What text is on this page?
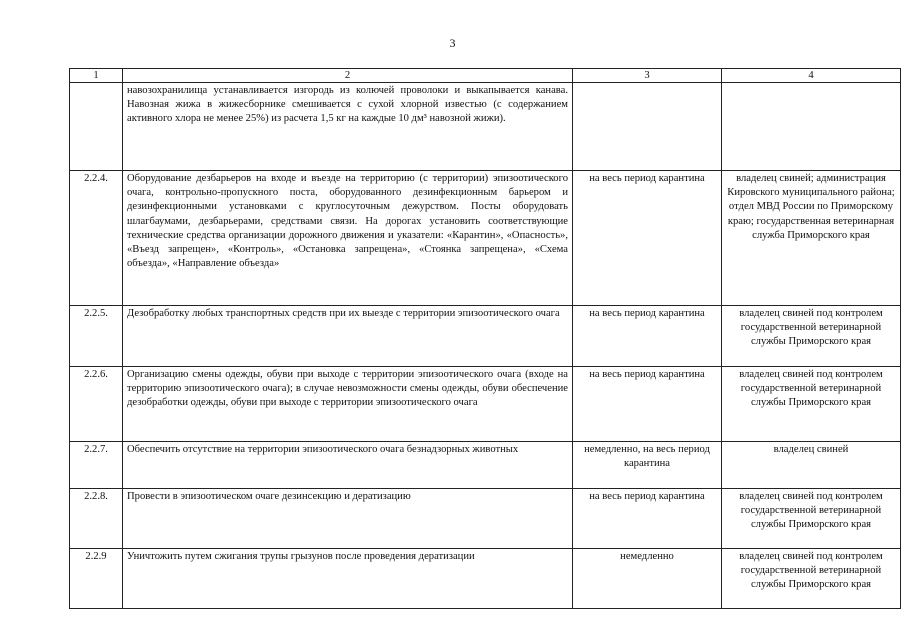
3
1	2	3	4

	навозохранилища устанавливается изгородь из колючей проволоки и выкапывается канава. Навозная жижа в жижесборнике смешивается с сухой хлорной известью (с содержанием активного хлора не менее 25%) из расчета 1,5 кг на каждые 10 дм³ навозной жижи).		

2.2.4.	Оборудование дезбарьеров на входе и въезде на территорию (с территории) эпизоотического очага, контрольно-пропускного поста, оборудованного дезинфекционным барьером и дезинфекционными установками с круглосуточным дежурством. Посты оборудовать шлагбаумами, дезбарьерами, средствами связи. На дорогах установить соответствующие технические средства организации дорожного движения и указатели: «Карантин», «Опасность», «Въезд запрещен», «Контроль», «Остановка запрещена», «Стоянка запрещена», «Схема объезда», «Направление объезда»	на весь период карантина	владелец свиней; администрация Кировского муниципального района; отдел МВД России по Приморскому краю; государственная ветеринарная служба Приморского края
2.2.5.	Дезобработку любых транспортных средств при их выезде с территории эпизоотического очага	на весь период карантина	владелец свиней под контролем государственной ветеринарной службы Приморского края
2.2.6.	Организацию смены одежды, обуви при выходе с территории эпизоотического очага (входе на территорию эпизоотического очага); в случае невозможности смены одежды, обуви обеспечение дезобработки одежды, обуви при выходе с территории эпизоотического очага	на весь период карантина	владелец свиней под контролем государственной ветеринарной службы Приморского края
2.2.7.	Обеспечить отсутствие на территории эпизоотического очага безнадзорных животных	немедленно, на весь период карантина	владелец свиней
2.2.8.	Провести в эпизоотическом очаге дезинсекцию и дератизацию	на весь период карантина	владелец свиней под контролем государственной ветеринарной службы Приморского края
2.2.9	Уничтожить путем сжигания трупы грызунов после проведения дератизации	немедленно	владелец свиней под контролем государственной ветеринарной службы Приморского края
